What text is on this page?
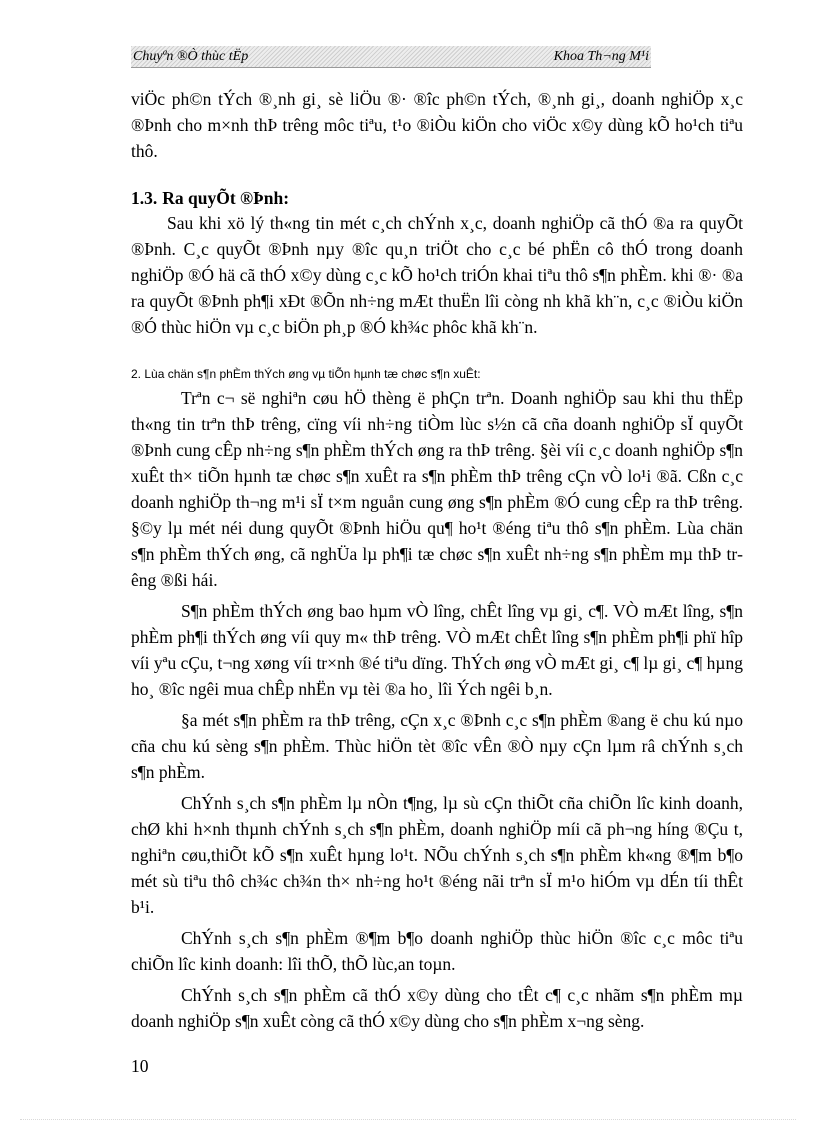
Chuyªn ®Ò thùc tËp	Khoa Th¬ng M¹i

viÖc ph©n tÝch ®¸nh gi¸ sè liÖu ®· ®îc ph©n tÝch, ®¸nh gi¸, doanh nghiÖp x¸c ®Þnh cho m×nh thÞ trêng môc tiªu, t¹o ®iÒu kiÖn cho viÖc x©y dùng kÕ ho¹ch tiªu thô.

1.3. Ra quyÕt ®Þnh:

Sau khi xö lý th«ng tin mét c¸ch chÝnh x¸c, doanh nghiÖp cã thÓ ®a ra quyÕt ®Þnh. C¸c quyÕt ®Þnh nµy ®îc qu¸n triÖt cho c¸c bé phËn cô thÓ trong doanh nghiÖp ®Ó hä cã thÓ x©y dùng c¸c kÕ ho¹ch triÓn khai tiªu thô s¶n phÈm. khi ®· ®a ra quyÕt ®Þnh ph¶i xÐt ®Õn nh÷ng mÆt thuËn lîi còng nh khã kh¨n, c¸c ®iÒu kiÖn ®Ó thùc hiÖn vµ c¸c biÖn ph¸p ®Ó kh¾c phôc khã kh¨n.

2. Lùa chän s¶n phÈm thÝch øng vµ tiÕn hµnh tæ chøc s¶n xuÊt:

Trªn c¬ së nghiªn cøu hÖ thèng ë phÇn trªn. Doanh nghiÖp sau khi thu thËp th«ng tin trªn thÞ trêng, cïng víi nh÷ng tiÒm lùc s½n cã cña doanh nghiÖp sÏ quyÕt ®Þnh cung cÊp nh÷ng s¶n phÈm thÝch øng ra thÞ trêng. §èi víi c¸c doanh nghiÖp s¶n xuÊt th× tiÕn hµnh tæ chøc s¶n xuÊt ra s¶n phÈm thÞ trêng cÇn vÒ lo¹i ®ã. Cßn c¸c doanh nghiÖp th¬ng m¹i sÏ t×m nguån cung øng s¶n phÈm ®Ó cung cÊp ra thÞ trêng. §©y lµ mét néi dung quyÕt ®Þnh hiÖu qu¶ ho¹t ®éng tiªu thô s¶n phÈm. Lùa chän s¶n phÈm thÝch øng, cã nghÜa lµ ph¶i tæ chøc s¶n xuÊt nh÷ng s¶n phÈm mµ thÞ trêng ®ßi hái.

S¶n phÈm thÝch øng bao hµm vÒ lîng, chÊt lîng vµ gi¸ c¶. VÒ mÆt lîng, s¶n phÈm ph¶i thÝch øng víi quy m« thÞ trêng. VÒ mÆt chÊt lîng s¶n phÈm ph¶i phï hîp víi yªu cÇu, t¬ng xøng víi tr×nh ®é tiªu dïng. ThÝch øng vÒ mÆt gi¸ c¶ lµ gi¸ c¶ hµng ho¸ ®îc ngêi mua chÊp nhËn vµ tèi ®a ho¸ lîi Ých ngêi b¸n.

§a mét s¶n phÈm ra thÞ trêng, cÇn x¸c ®Þnh c¸c s¶n phÈm ®ang ë chu kú nµo cña chu kú sèng s¶n phÈm. Thùc hiÖn tèt ®îc vÊn ®Ò nµy cÇn lµm râ chÝnh s¸ch s¶n phÈm.

ChÝnh s¸ch s¶n phÈm lµ nÒn t¶ng, lµ sù cÇn thiÕt cña chiÕn lîc kinh doanh, chØ khi h×nh thµnh chÝnh s¸ch s¶n phÈm, doanh nghiÖp míi cã ph¬ng híng ®Çu t, nghiªn cøu,thiÕt kÕ s¶n xuÊt hµng lo¹t. NÕu chÝnh s¸ch s¶n phÈm kh«ng ®¶m b¶o mét sù tiªu thô ch¾c ch¾n th× nh÷ng ho¹t ®éng nãi trªn sÏ m¹o hiÓm vµ dÉn tíi thÊt b¹i.

ChÝnh s¸ch s¶n phÈm ®¶m b¶o doanh nghiÖp thùc hiÖn ®îc c¸c môc tiªu chiÕn lîc kinh doanh: lîi thÕ, thÕ lùc,an toµn.

ChÝnh s¸ch s¶n phÈm cã thÓ x©y dùng cho tÊt c¶ c¸c nhãm s¶n phÈm mµ doanh nghiÖp s¶n xuÊt còng cã thÓ x©y dùng cho s¶n phÈm x¬ng sèng.

10
